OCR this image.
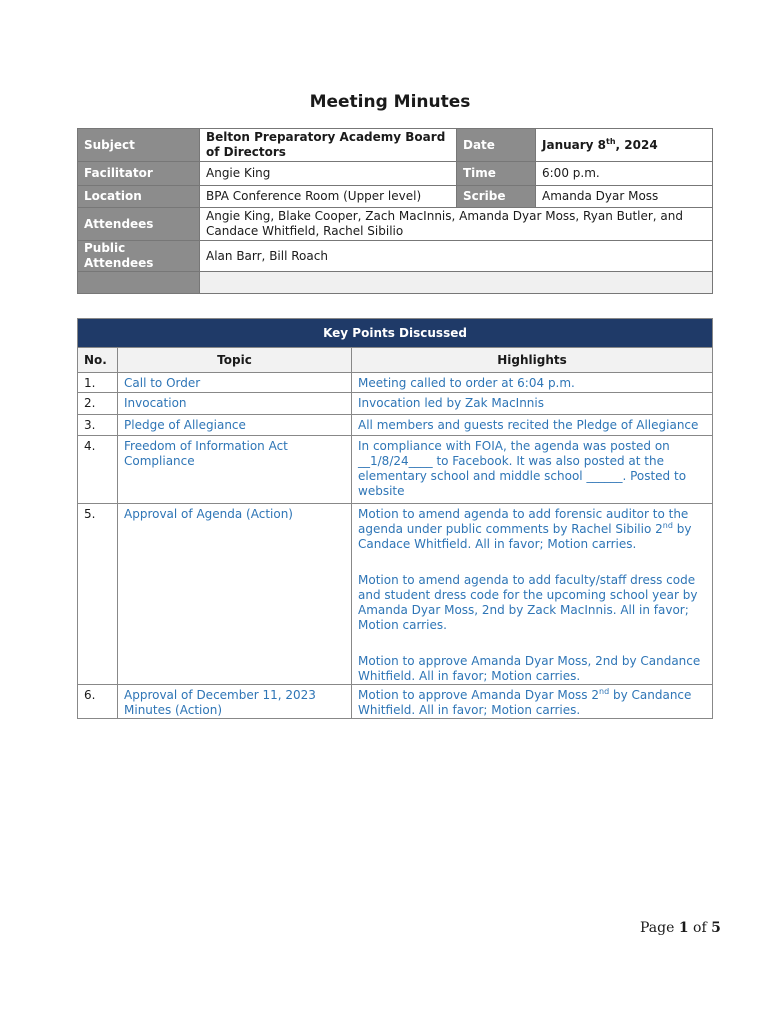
Meeting Minutes
Subject	Belton Preparatory Academy Board of Directors	Date	January 8th, 2024
Facilitator	Angie King	Time	6:00 p.m.
Location	BPA Conference Room (Upper level)	Scribe	Amanda Dyar Moss
Attendees	Angie King, Blake Cooper, Zach MacInnis, Amanda Dyar Moss, Ryan Butler, and Candace Whitfield, Rachel Sibilio		
Public Attendees	Alan Barr, Bill Roach		

Key Points Discussed		
No.	Topic	Highlights
1.	Call to Order	Meeting called to order at 6:04 p.m.
2.	Invocation	Invocation led by Zak MacInnis
3.	Pledge of Allegiance	All members and guests recited the Pledge of Allegiance
4.	Freedom of Information Act Compliance	In compliance with FOIA, the agenda was posted on __1/8/24____ to Facebook. It was also posted at the elementary school and middle school ______. Posted to website
5.	Approval of Agenda (Action)	Motion to amend agenda to add forensic auditor to the agenda under public comments by Rachel Sibilio 2nd by Candace Whitfield. All in favor; Motion carries.

Motion to amend agenda to add faculty/staff dress code and student dress code for the upcoming school year by Amanda Dyar Moss, 2nd by Zack MacInnis. All in favor; Motion carries.

Motion to approve Amanda Dyar Moss, 2nd by Candance Whitfield. All in favor; Motion carries.

6.	Approval of December 11, 2023 Minutes (Action)	Motion to approve Amanda Dyar Moss 2nd by Candance Whitfield. All in favor; Motion carries.
Page 1 of 5
